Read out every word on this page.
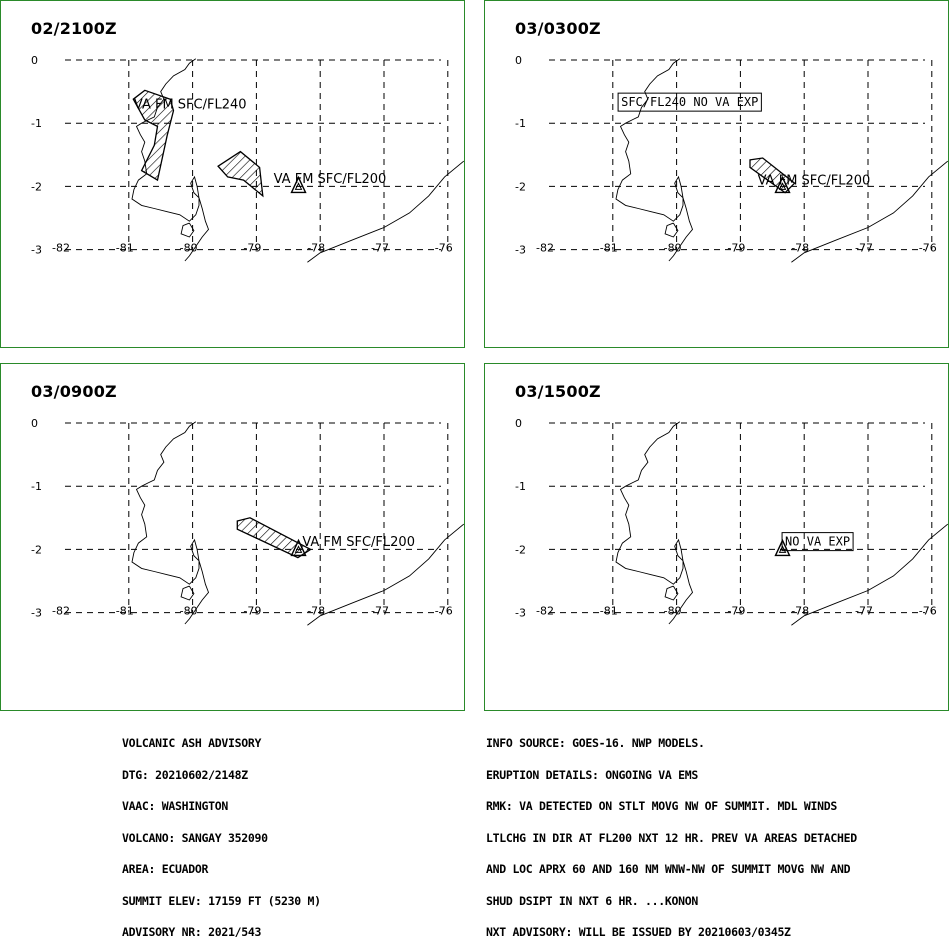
02/2100Z
0
-1
-2
-3 -82	-81	-80	-79	-78	-77	-76
VA FM SFC/FL240
VA FM SFC/FL200
03/0300Z
0
-1
-2
-3 -82	-81	-80	-79	-78	-77	-76
SFC/FL240 NO VA EXP
VA FM SFC/FL200
03/0900Z
0
-1
-2
-3 -82	-81	-80	-79	-78	-77	-76
VA FM SFC/FL200
03/1500Z
0
-1
-2
-3 -82	-81	-80	-79	-78	-77	-76
NO VA EXP

VOLCANIC ASH ADVISORY

DTG: 20210602/2148Z

VAAC: WASHINGTON

VOLCANO: SANGAY 352090

AREA: ECUADOR

SUMMIT ELEV: 17159 FT (5230 M)

ADVISORY NR: 2021/543

INFO SOURCE: GOES-16. NWP MODELS.

ERUPTION DETAILS: ONGOING VA EMS

RMK: VA DETECTED ON STLT MOVG NW OF SUMMIT. MDL WINDS

LTLCHG IN DIR AT FL200 NXT 12 HR. PREV VA AREAS DETACHED

AND LOC APRX 60 AND 160 NM WNW-NW OF SUMMIT MOVG NW AND

SHUD DSIPT IN NXT 6 HR. ...KONON

NXT ADVISORY: WILL BE ISSUED BY 20210603/0345Z
